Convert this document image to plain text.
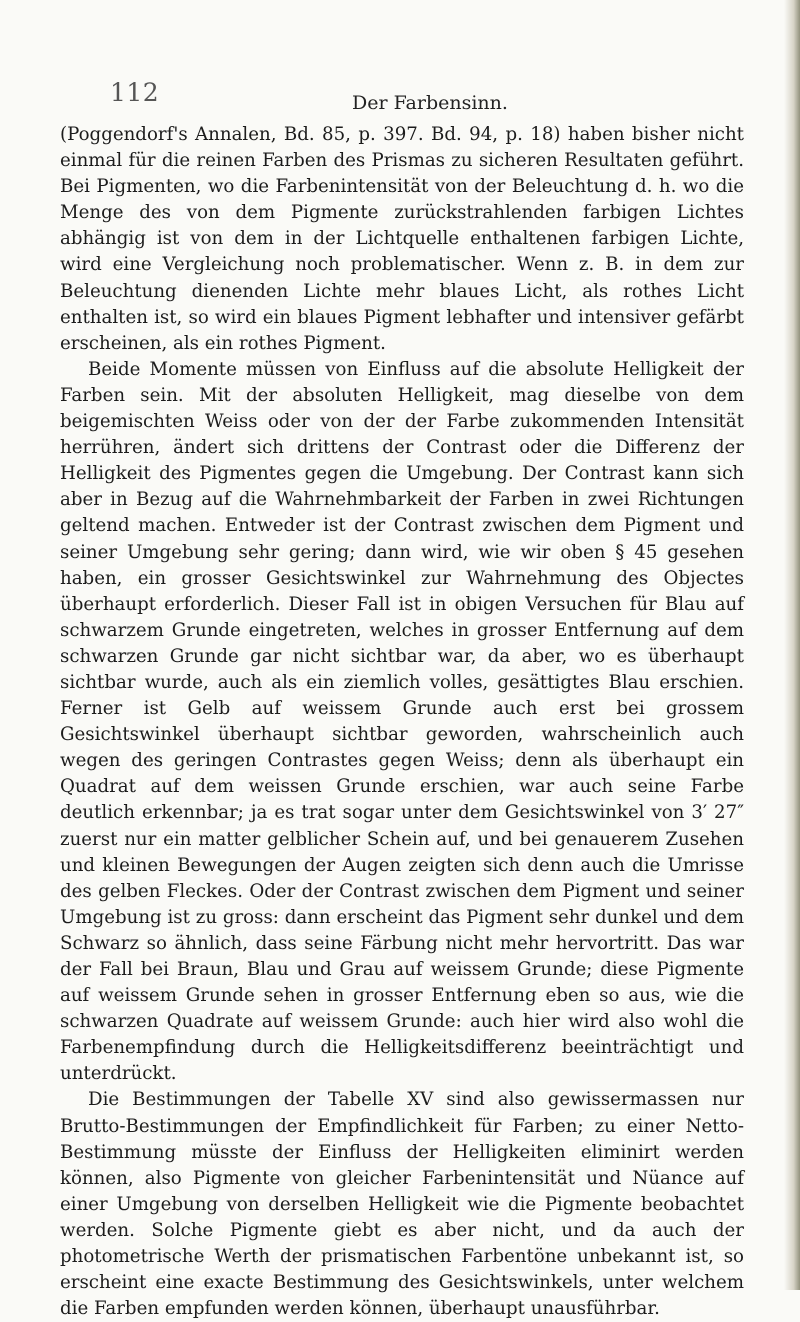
112	Der Farbensinn.

(Poggendorf's Annalen, Bd. 85, p. 397. Bd. 94, p. 18) haben bisher nicht einmal für die reinen Farben des Prismas zu sicheren Resultaten geführt. Bei Pigmenten, wo die Farbenintensität von der Beleuchtung d. h. wo die Menge des von dem Pigmente zurückstrahlenden farbigen Lichtes abhängig ist von dem in der Lichtquelle enthaltenen farbigen Lichte, wird eine Vergleichung noch problematischer. Wenn z. B. in dem zur Beleuchtung dienenden Lichte mehr blaues Licht, als rothes Licht enthalten ist, so wird ein blaues Pigment lebhafter und intensiver gefärbt erscheinen, als ein rothes Pigment.

Beide Momente müssen von Einfluss auf die absolute Helligkeit der Farben sein. Mit der absoluten Helligkeit, mag dieselbe von dem beigemischten Weiss oder von der der Farbe zukommenden Intensität herrühren, ändert sich drittens der Contrast oder die Differenz der Helligkeit des Pigmentes gegen die Umgebung. Der Contrast kann sich aber in Bezug auf die Wahrnehmbarkeit der Farben in zwei Richtungen geltend machen. Entweder ist der Contrast zwischen dem Pigment und seiner Umgebung sehr gering; dann wird, wie wir oben § 45 gesehen haben, ein grosser Gesichtswinkel zur Wahrnehmung des Objectes überhaupt erforderlich. Dieser Fall ist in obigen Versuchen für Blau auf schwarzem Grunde eingetreten, welches in grosser Entfernung auf dem schwarzen Grunde gar nicht sichtbar war, da aber, wo es überhaupt sichtbar wurde, auch als ein ziemlich volles, gesättigtes Blau erschien. Ferner ist Gelb auf weissem Grunde auch erst bei grossem Gesichtswinkel überhaupt sichtbar geworden, wahrscheinlich auch wegen des geringen Contrastes gegen Weiss; denn als überhaupt ein Quadrat auf dem weissen Grunde erschien, war auch seine Farbe deutlich erkennbar; ja es trat sogar unter dem Gesichtswinkel von 3′ 27″ zuerst nur ein matter gelblicher Schein auf, und bei genauerem Zusehen und kleinen Bewegungen der Augen zeigten sich denn auch die Umrisse des gelben Fleckes. Oder der Contrast zwischen dem Pigment und seiner Umgebung ist zu gross: dann erscheint das Pigment sehr dunkel und dem Schwarz so ähnlich, dass seine Färbung nicht mehr hervortritt. Das war der Fall bei Braun, Blau und Grau auf weissem Grunde; diese Pigmente auf weissem Grunde sehen in grosser Entfernung eben so aus, wie die schwarzen Quadrate auf weissem Grunde: auch hier wird also wohl die Farbenempfindung durch die Helligkeitsdifferenz beeinträchtigt und unterdrückt.

Die Bestimmungen der Tabelle XV sind also gewissermassen nur Brutto-Bestimmungen der Empfindlichkeit für Farben; zu einer Netto-Bestimmung müsste der Einfluss der Helligkeiten eliminirt werden können, also Pigmente von gleicher Farbenintensität und Nüance auf einer Umgebung von derselben Helligkeit wie die Pigmente beobachtet werden. Solche Pigmente giebt es aber nicht, und da auch der photometrische Werth der prismatischen Farbentöne unbekannt ist, so erscheint eine exacte Bestimmung des Gesichtswinkels, unter welchem die Farben empfunden werden können, überhaupt unausführbar.
